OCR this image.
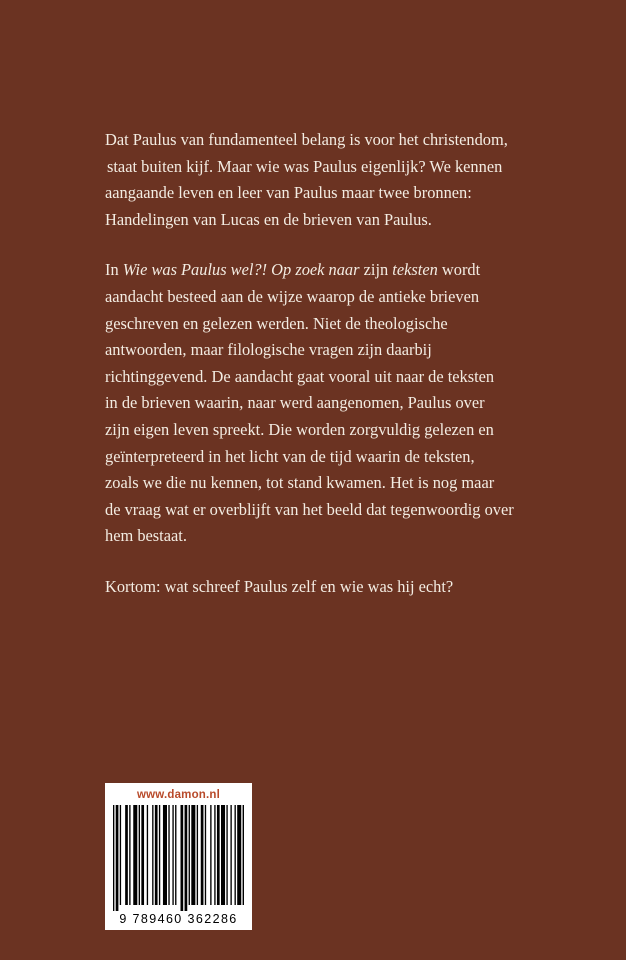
Dat Paulus van fundamenteel belang is voor het christendom,
staat buiten kijf. Maar wie was Paulus eigenlijk? We kennen
aangaande leven en leer van Paulus maar twee bronnen:
Handelingen van Lucas en de brieven van Paulus.

In Wie was Paulus wel?! Op zoek naar zijn teksten wordt
aandacht besteed aan de wijze waarop de antieke brieven
geschreven en gelezen werden. Niet de theologische
antwoorden, maar filologische vragen zijn daarbij
richtinggevend. De aandacht gaat vooral uit naar de teksten
in de brieven waarin, naar werd aangenomen, Paulus over
zijn eigen leven spreekt. Die worden zorgvuldig gelezen en
geïnterpreteerd in het licht van de tijd waarin de teksten,
zoals we die nu kennen, tot stand kwamen. Het is nog maar
de vraag wat er overblijft van het beeld dat tegenwoordig over
hem bestaat.

Kortom: wat schreef Paulus zelf en wie was hij echt?

www.damon.nl
9 789460 362286
